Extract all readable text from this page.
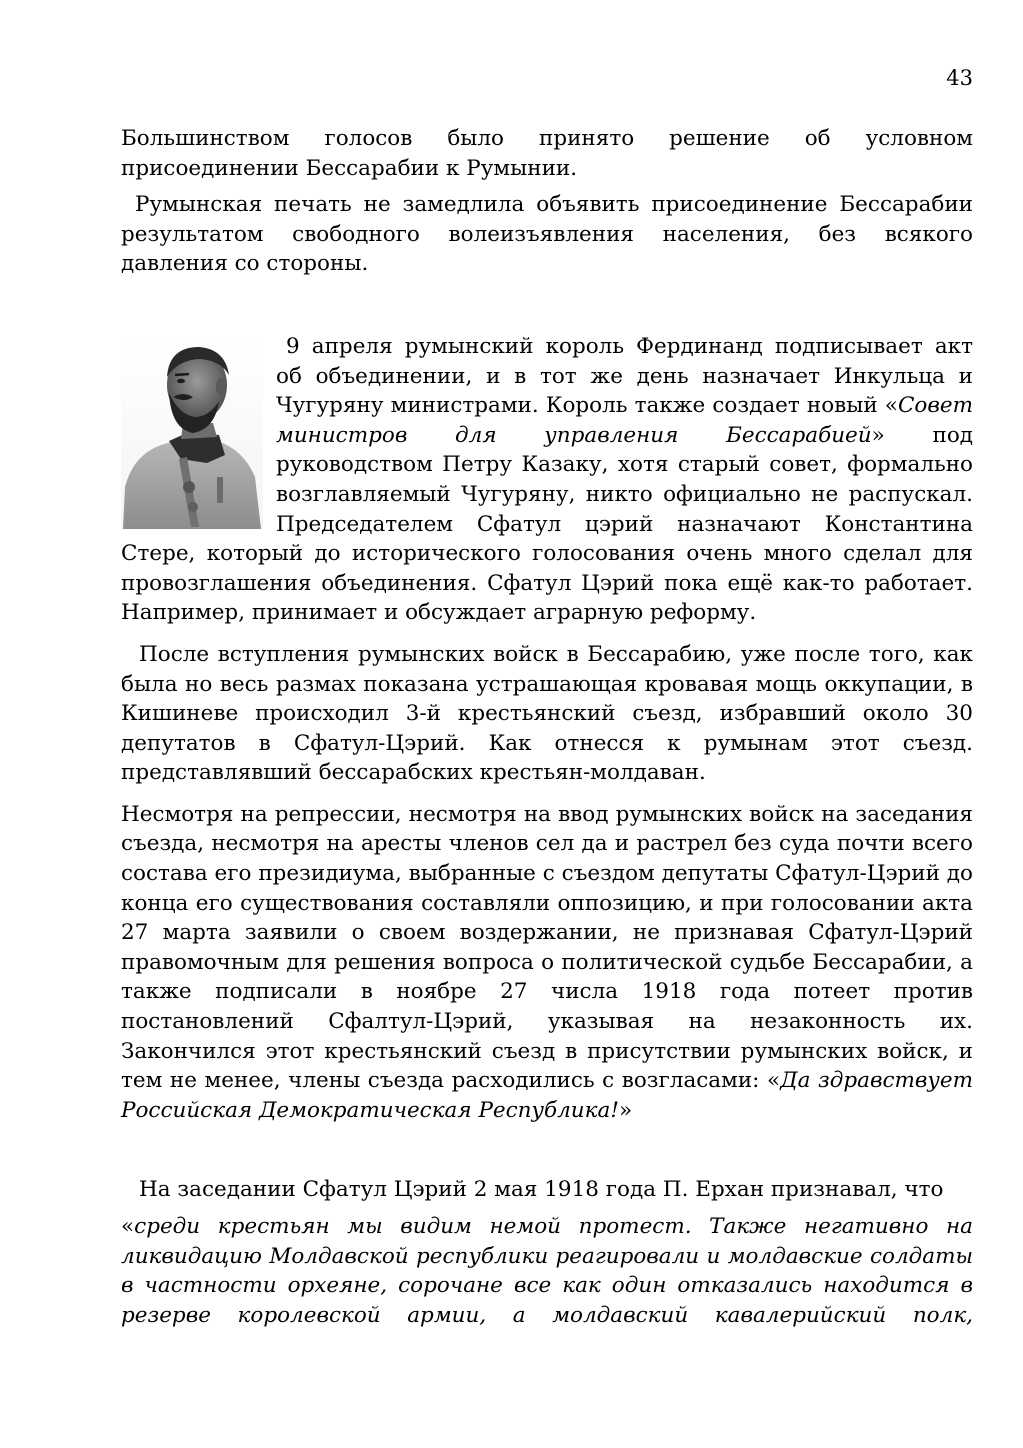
43

Большинством голосов было принято решение об условном присоединении Бессарабии к Румынии.

Румынская печать не замедлила объявить присоединение Бессарабии результатом свободного волеизъявления населения, без всякого давления со стороны.

9 апреля румынский король Фердинанд подписывает акт об объединении, и в тот же день назначает Инкульца и Чугуряну министрами. Король также создает новый «Совет министров для управления Бессарабией» под руководством Петру Казаку, хотя старый совет, формально возглавляемый Чугуряну, никто официально не распускал. Председателем Сфатул цэрий назначают Константина Стере, который до исторического голосования очень много сделал для провозглашения объединения. Сфатул Цэрий пока ещё как-то работает. Например, принимает и обсуждает аграрную реформу.

После вступления румынских войск в Бессарабию, уже после того, как была но весь размах показана устрашающая кровавая мощь оккупации, в Кишиневе происходил 3-й крестьянский съезд, избравший около 30 депутатов в Сфатул-Цэрий. Как отнесся к румынам этот съезд. представлявший бессарабских крестьян-молдаван.

Несмотря на репрессии, несмотря на ввод румынских войск на заседания съезда, несмотря на аресты членов сел да и растрел без суда почти всего состава его президиума, выбранные с съездом депутаты Сфатул-Цэрий до конца его существования составляли оппозицию, и при голосовании акта 27 марта заявили о своем воздержании, не признавая Сфатул-Цэрий правомочным для решения вопроса о политической судьбе Бессарабии, а также подписали в ноябре 27 числа 1918 года потеет против постановлений Сфалтул-Цэрий, указывая на незаконность их. Закончился этот крестьянский съезд в присутствии румынских войск, и тем не менее, члены съезда расходились с возгласами: «Да здравствует Российская Демократическая Республика!»

На заседании Сфатул Цэрий 2 мая 1918 года П. Ерхан признавал, что

«среди крестьян мы видим немой протест. Также негативно на ликвидацию Молдавской республики реагировали и молдавские солдаты в частности орхеяне, сорочане все как один отказались находится в резерве королевской армии, а молдавский кавалерийский полк,
